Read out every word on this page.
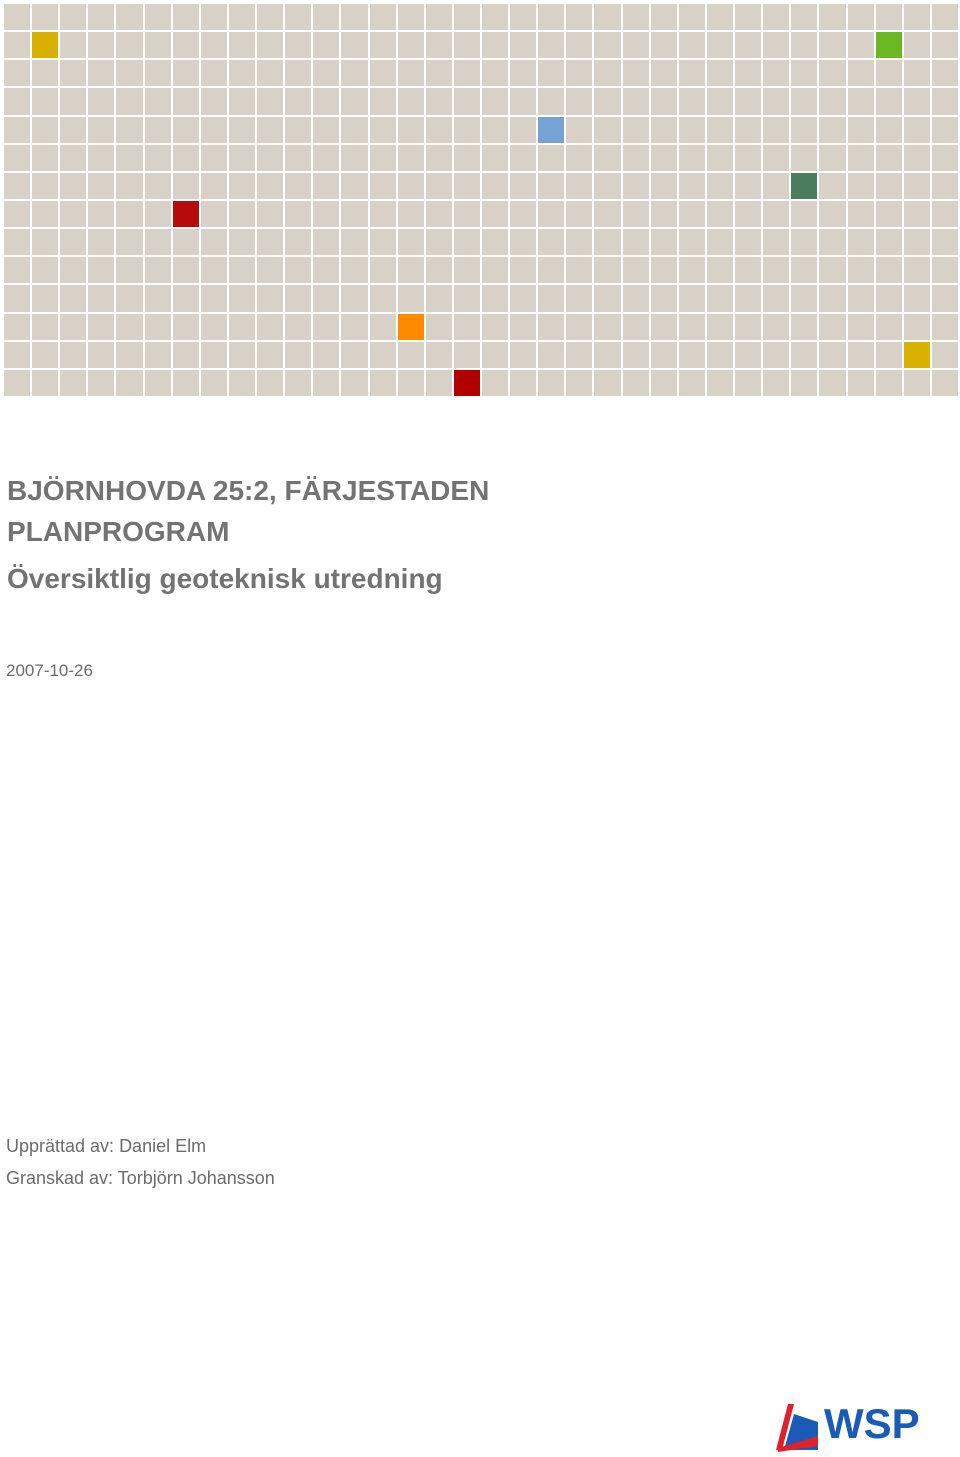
BJÖRNHOVDA 25:2, FÄRJESTADEN

PLANPROGRAM

Översiktlig geoteknisk utredning

2007-10-26

Upprättad av: Daniel Elm

Granskad av: Torbjörn Johansson

WSP
